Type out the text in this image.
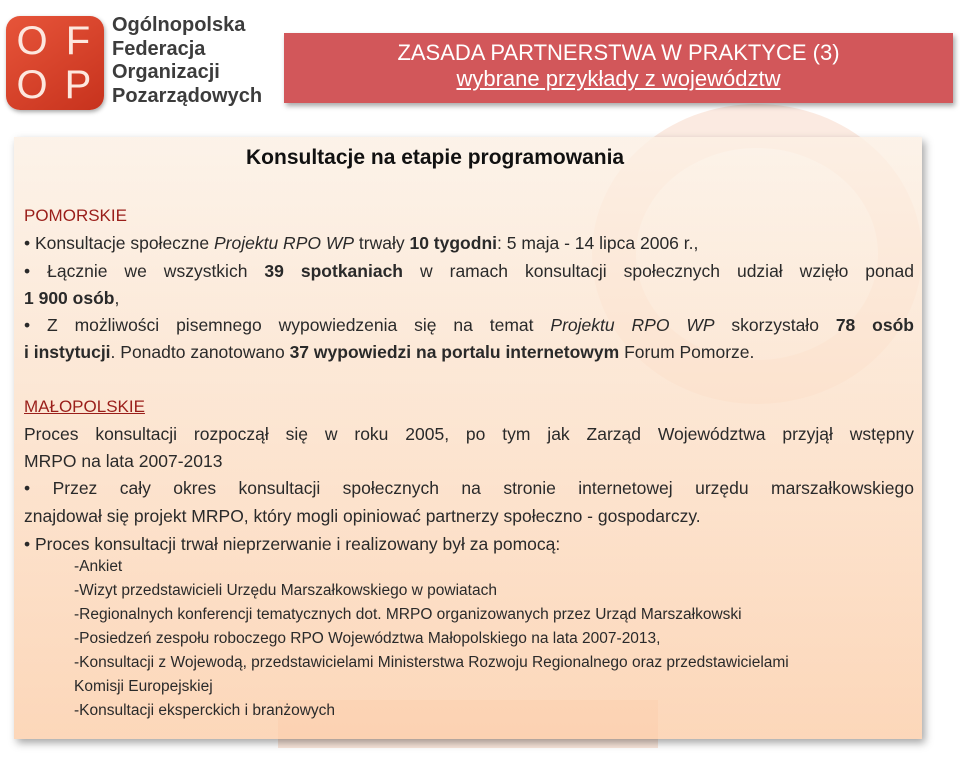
O F
O P
Ogólnopolska
Federacja
Organizacji
Pozarządowych
ZASADA PARTNERSTWA W PRAKTYCE (3)
wybrane przykłady z województw
Konsultacje na etapie programowania
POMORSKIE

• Konsultacje społeczne Projektu RPO WP trwały 10 tygodni: 5 maja - 14 lipca 2006 r.,

• Łącznie we wszystkich 39 spotkaniach w ramach konsultacji społecznych udział wzięło ponad

1 900 osób,

• Z możliwości pisemnego wypowiedzenia się na temat Projektu RPO WP skorzystało 78 osób

i instytucji. Ponadto zanotowano 37 wypowiedzi na portalu internetowym Forum Pomorze.

MAŁOPOLSKIE

Proces konsultacji rozpoczął się w roku 2005, po tym jak Zarząd Województwa przyjął wstępny

MRPO na lata 2007-2013

• Przez cały okres konsultacji społecznych na stronie internetowej urzędu marszałkowskiego

znajdował się projekt MRPO, który mogli opiniować partnerzy społeczno - gospodarczy.

• Proces konsultacji trwał nieprzerwanie i realizowany był za pomocą:

-Ankiet

-Wizyt przedstawicieli Urzędu Marszałkowskiego w powiatach

-Regionalnych konferencji tematycznych dot. MRPO organizowanych przez Urząd Marszałkowski

-Posiedzeń zespołu roboczego RPO Województwa Małopolskiego na lata 2007-2013,

-Konsultacji z Wojewodą, przedstawicielami Ministerstwa Rozwoju Regionalnego oraz przedstawicielami

Komisji Europejskiej

-Konsultacji eksperckich i branżowych
